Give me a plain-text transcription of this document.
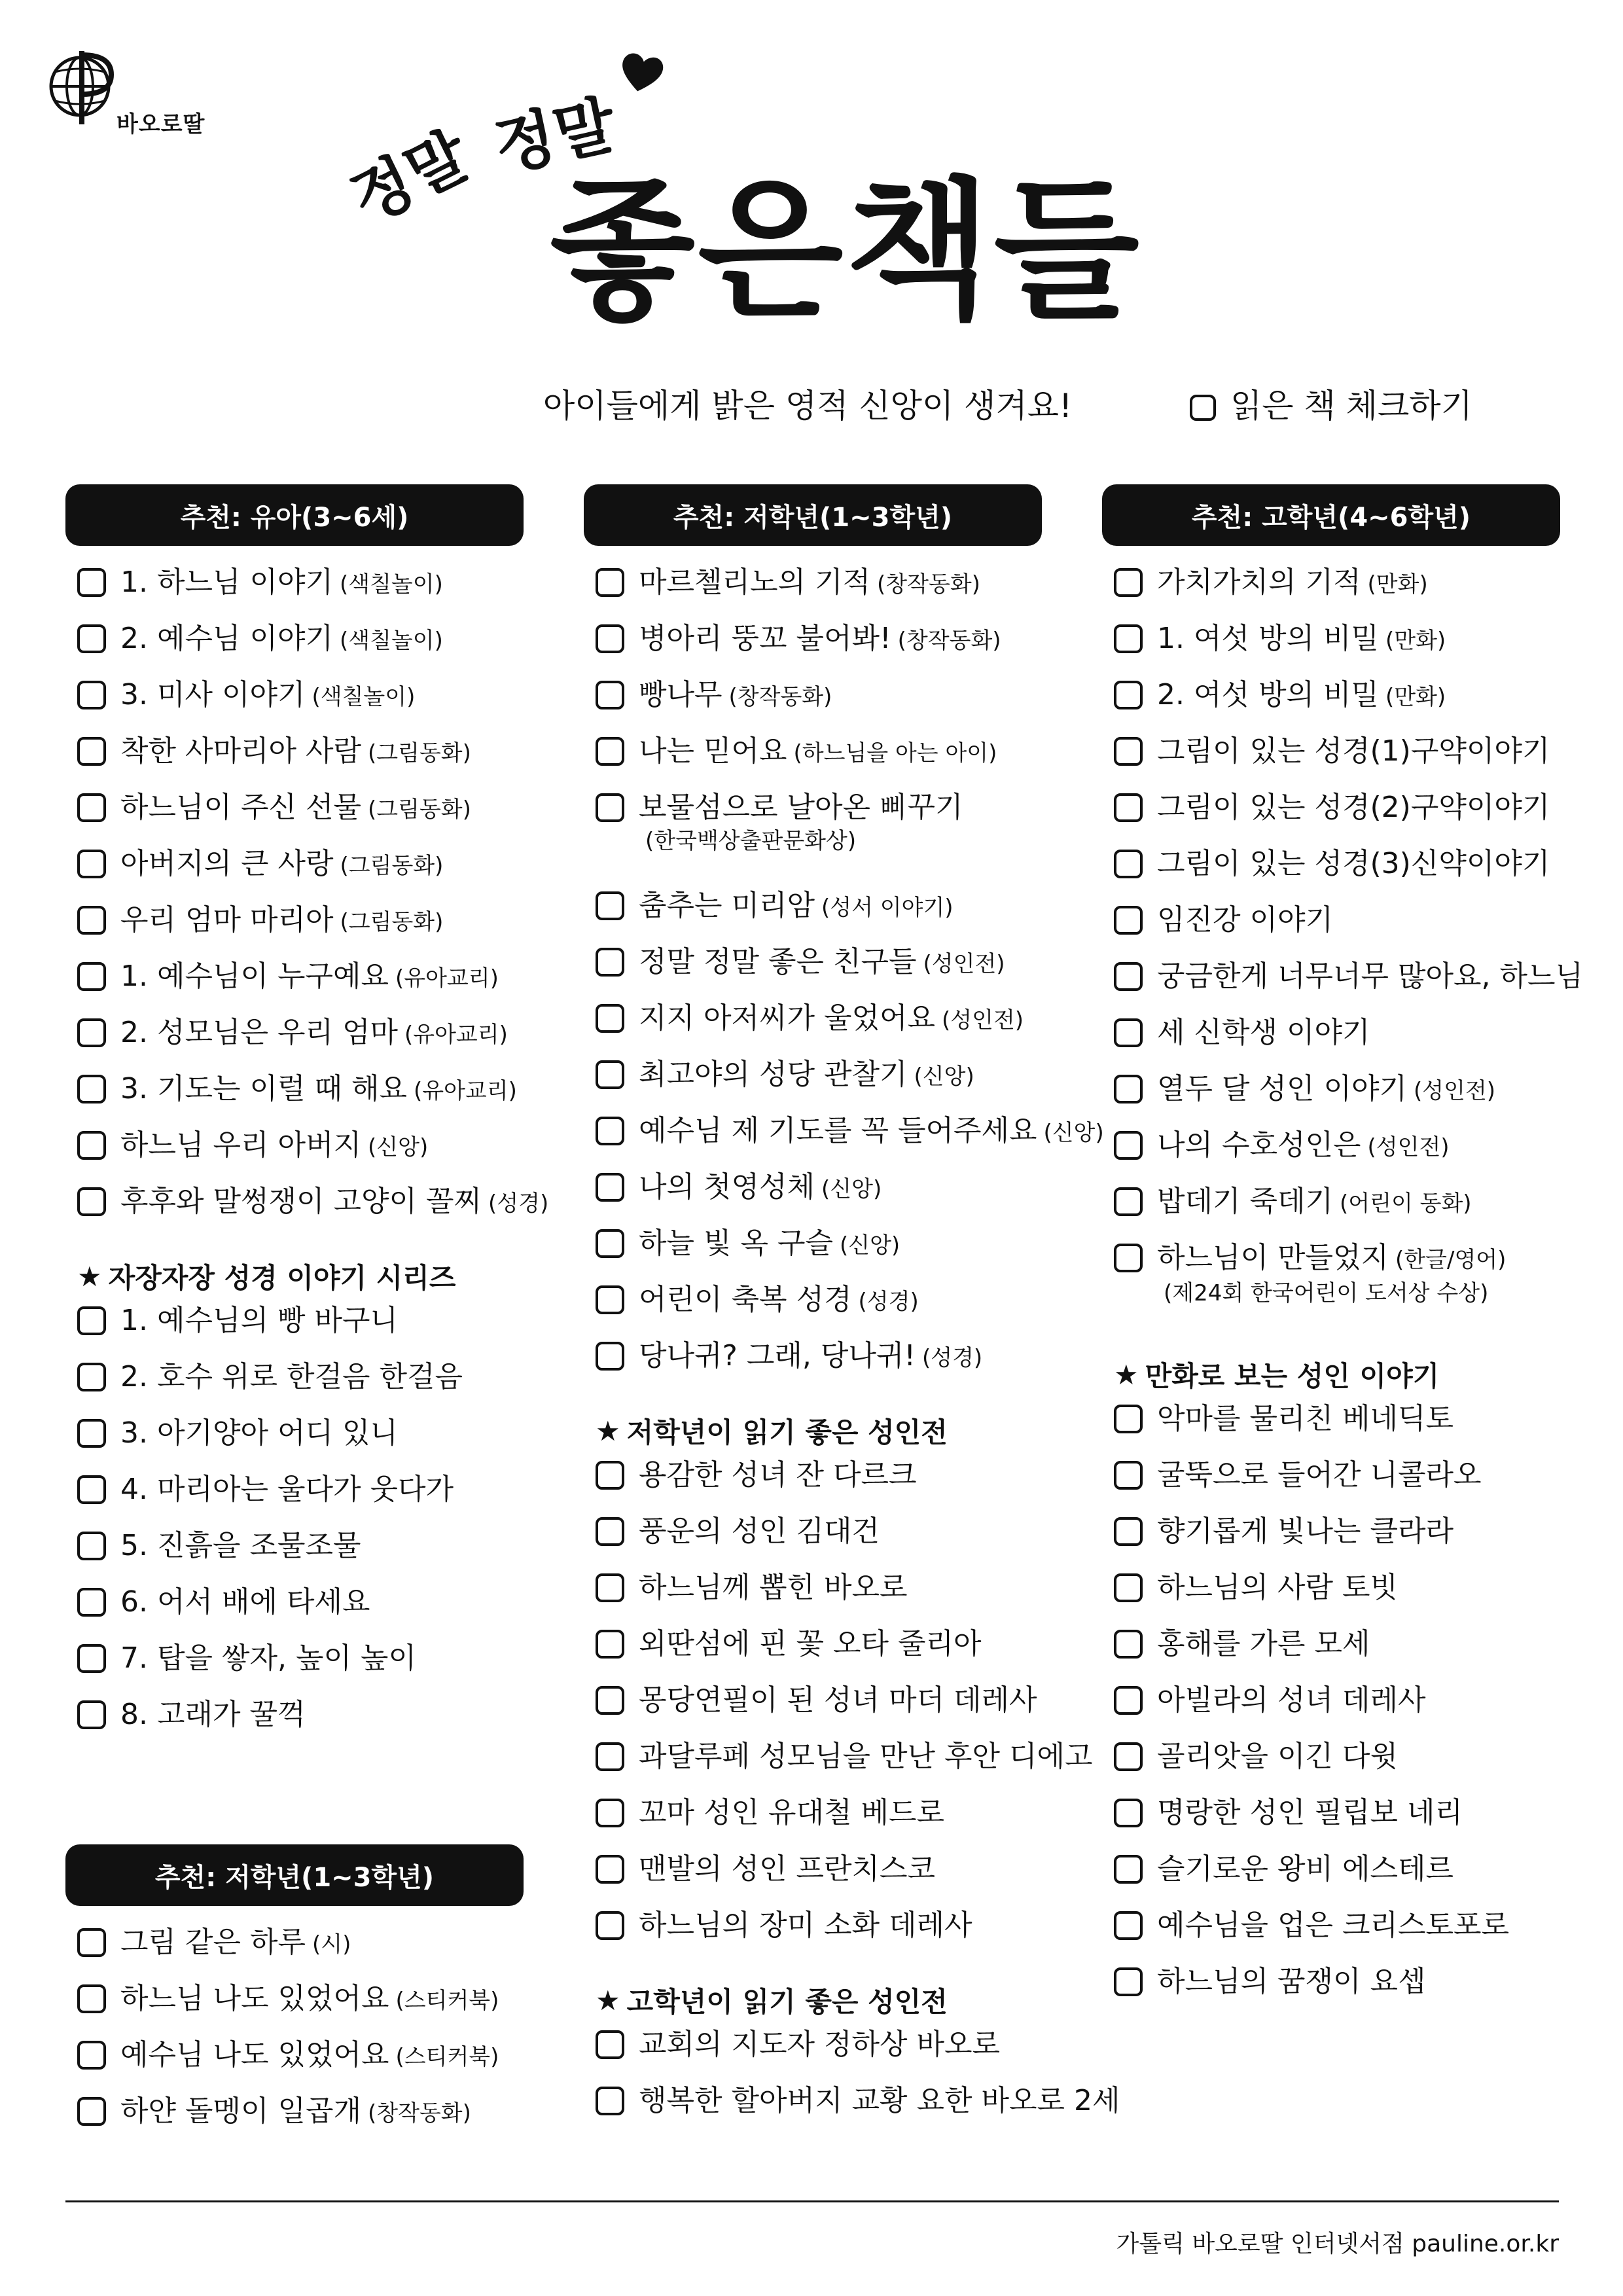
바오로딸 정말 정말
좋은책들
아이들에게 밝은 영적 신앙이 생겨요!	읽은 책 체크하기
추천: 유아(3~6세)
1. 하느님 이야기 (색칠놀이)
2. 예수님 이야기 (색칠놀이)
3. 미사 이야기 (색칠놀이)
착한 사마리아 사람 (그림동화)
하느님이 주신 선물 (그림동화)
아버지의 큰 사랑 (그림동화)
우리 엄마 마리아 (그림동화)
1. 예수님이 누구예요 (유아교리)
2. 성모님은 우리 엄마 (유아교리)
3. 기도는 이럴 때 해요 (유아교리)
하느님 우리 아버지 (신앙)
후후와 말썽쟁이 고양이 꼴찌 (성경)
★ 자장자장 성경 이야기 시리즈
1. 예수님의 빵 바구니
2. 호수 위로 한걸음 한걸음
3. 아기양아 어디 있니
4. 마리아는 울다가 웃다가
5. 진흙을 조물조물
6. 어서 배에 타세요
7. 탑을 쌓자, 높이 높이
8. 고래가 꿀꺽
추천: 저학년(1~3학년)
그림 같은 하루 (시)
하느님 나도 있었어요 (스티커북)
예수님 나도 있었어요 (스티커북)
하얀 돌멩이 일곱개 (창작동화)
추천: 저학년(1~3학년)
마르첼리노의 기적 (창작동화)
병아리 뚱꼬 불어봐! (창작동화)
빵나무 (창작동화)
나는 믿어요 (하느님을 아는 아이)
보물섬으로 날아온 삐꾸기
(한국백상출판문화상)
춤추는 미리암 (성서 이야기)
정말 정말 좋은 친구들 (성인전)
지지 아저씨가 울었어요 (성인전)
최고야의 성당 관찰기 (신앙)
예수님 제 기도를 꼭 들어주세요 (신앙)
나의 첫영성체 (신앙)
하늘 빛 옥 구슬 (신앙)
어린이 축복 성경 (성경)
당나귀? 그래, 당나귀! (성경)
★ 저학년이 읽기 좋은 성인전
용감한 성녀 잔 다르크
풍운의 성인 김대건
하느님께 뽑힌 바오로
외딴섬에 핀 꽃 오타 줄리아
몽당연필이 된 성녀 마더 데레사
과달루페 성모님을 만난 후안 디에고
꼬마 성인 유대철 베드로
맨발의 성인 프란치스코
하느님의 장미 소화 데레사
★ 고학년이 읽기 좋은 성인전
교회의 지도자 정하상 바오로
행복한 할아버지 교황 요한 바오로 2세
추천: 고학년(4~6학년)
가치가치의 기적 (만화)
1. 여섯 방의 비밀 (만화)
2. 여섯 방의 비밀 (만화)
그림이 있는 성경(1)구약이야기
그림이 있는 성경(2)구약이야기
그림이 있는 성경(3)신약이야기
임진강 이야기
궁금한게 너무너무 많아요, 하느님
세 신학생 이야기
열두 달 성인 이야기 (성인전)
나의 수호성인은 (성인전)
밥데기 죽데기 (어린이 동화)
하느님이 만들었지 (한글/영어)
(제24회 한국어린이 도서상 수상)
★ 만화로 보는 성인 이야기
악마를 물리친 베네딕토
굴뚝으로 들어간 니콜라오
향기롭게 빛나는 클라라
하느님의 사람 토빗
홍해를 가른 모세
아빌라의 성녀 데레사
골리앗을 이긴 다윗
명랑한 성인 필립보 네리
슬기로운 왕비 에스테르
예수님을 업은 크리스토포로
하느님의 꿈쟁이 요셉
가톨릭 바오로딸 인터넷서점 pauline.or.kr
